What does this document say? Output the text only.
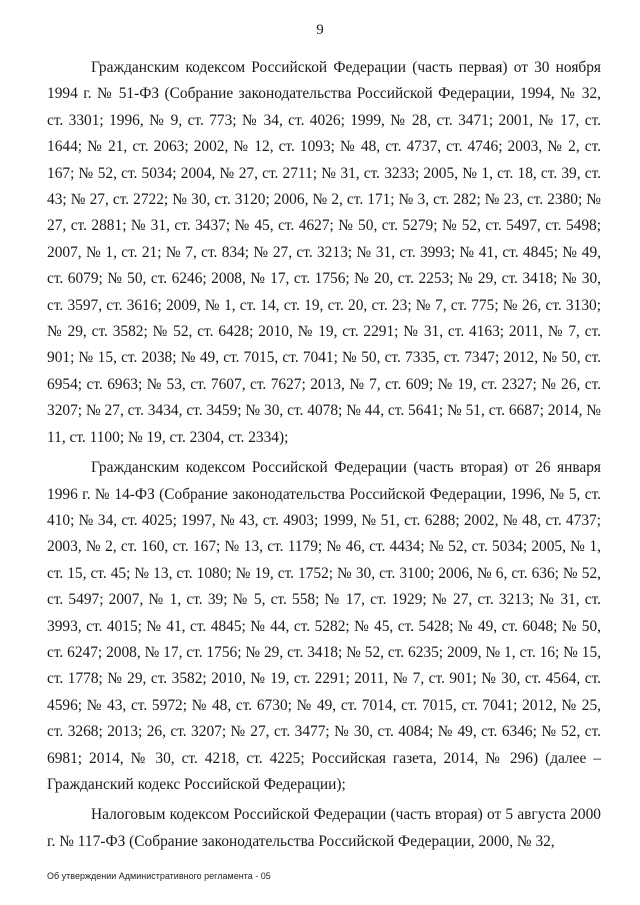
9

Гражданским кодексом Российской Федерации (часть первая) от 30 ноября 1994 г. № 51-ФЗ (Собрание законодательства Российской Федерации, 1994, № 32, ст. 3301; 1996, № 9, ст. 773; № 34, ст. 4026; 1999, № 28, ст. 3471; 2001, № 17, ст. 1644; № 21, ст. 2063; 2002, № 12, ст. 1093; № 48, ст. 4737, ст. 4746; 2003, № 2, ст. 167; № 52, ст. 5034; 2004, № 27, ст. 2711; № 31, ст. 3233; 2005, № 1, ст. 18, ст. 39, ст. 43; № 27, ст. 2722; № 30, ст. 3120; 2006, № 2, ст. 171; № 3, ст. 282; № 23, ст. 2380; № 27, ст. 2881; № 31, ст. 3437; № 45, ст. 4627; № 50, ст. 5279; № 52, ст. 5497, ст. 5498; 2007, № 1, ст. 21; № 7, ст. 834; № 27, ст. 3213; № 31, ст. 3993; № 41, ст. 4845; № 49, ст. 6079; № 50, ст. 6246; 2008, № 17, ст. 1756; № 20, ст. 2253; № 29, ст. 3418; № 30, ст. 3597, ст. 3616; 2009, № 1, ст. 14, ст. 19, ст. 20, ст. 23; № 7, ст. 775; № 26, ст. 3130; № 29, ст. 3582; № 52, ст. 6428; 2010, № 19, ст. 2291; № 31, ст. 4163; 2011, № 7, ст. 901; № 15, ст. 2038; № 49, ст. 7015, ст. 7041; № 50, ст. 7335, ст. 7347; 2012, № 50, ст. 6954; ст. 6963; № 53, ст. 7607, ст. 7627; 2013, № 7, ст. 609; № 19, ст. 2327; № 26, ст. 3207; № 27, ст. 3434, ст. 3459; № 30, ст. 4078; № 44, ст. 5641; № 51, ст. 6687; 2014, № 11, ст. 1100; № 19, ст. 2304, ст. 2334);

Гражданским кодексом Российской Федерации (часть вторая) от 26 января 1996 г. № 14-ФЗ (Собрание законодательства Российской Федерации, 1996, № 5, ст. 410; № 34, ст. 4025; 1997, № 43, ст. 4903; 1999, № 51, ст. 6288; 2002, № 48, ст. 4737; 2003, № 2, ст. 160, ст. 167; № 13, ст. 1179; № 46, ст. 4434; № 52, ст. 5034; 2005, № 1, ст. 15, ст. 45; № 13, ст. 1080; № 19, ст. 1752; № 30, ст. 3100; 2006, № 6, ст. 636; № 52, ст. 5497; 2007, № 1, ст. 39; № 5, ст. 558; № 17, ст. 1929; № 27, ст. 3213; № 31, ст. 3993, ст. 4015; № 41, ст. 4845; № 44, ст. 5282; № 45, ст. 5428; № 49, ст. 6048; № 50, ст. 6247; 2008, № 17, ст. 1756; № 29, ст. 3418; № 52, ст. 6235; 2009, № 1, ст. 16; № 15, ст. 1778; № 29, ст. 3582; 2010, № 19, ст. 2291; 2011, № 7, ст. 901; № 30, ст. 4564, ст. 4596; № 43, ст. 5972; № 48, ст. 6730; № 49, ст. 7014, ст. 7015, ст. 7041; 2012, № 25, ст. 3268; 2013; 26, ст. 3207; № 27, ст. 3477; № 30, ст. 4084; № 49, ст. 6346; № 52, ст. 6981; 2014, № 30, ст. 4218, ст. 4225; Российская газета, 2014, № 296) (далее – Гражданский кодекс Российской Федерации);

Налоговым кодексом Российской Федерации (часть вторая) от 5 августа 2000 г. № 117-ФЗ (Собрание законодательства Российской Федерации, 2000, № 32,

Об утверждении Административного регламента - 05
